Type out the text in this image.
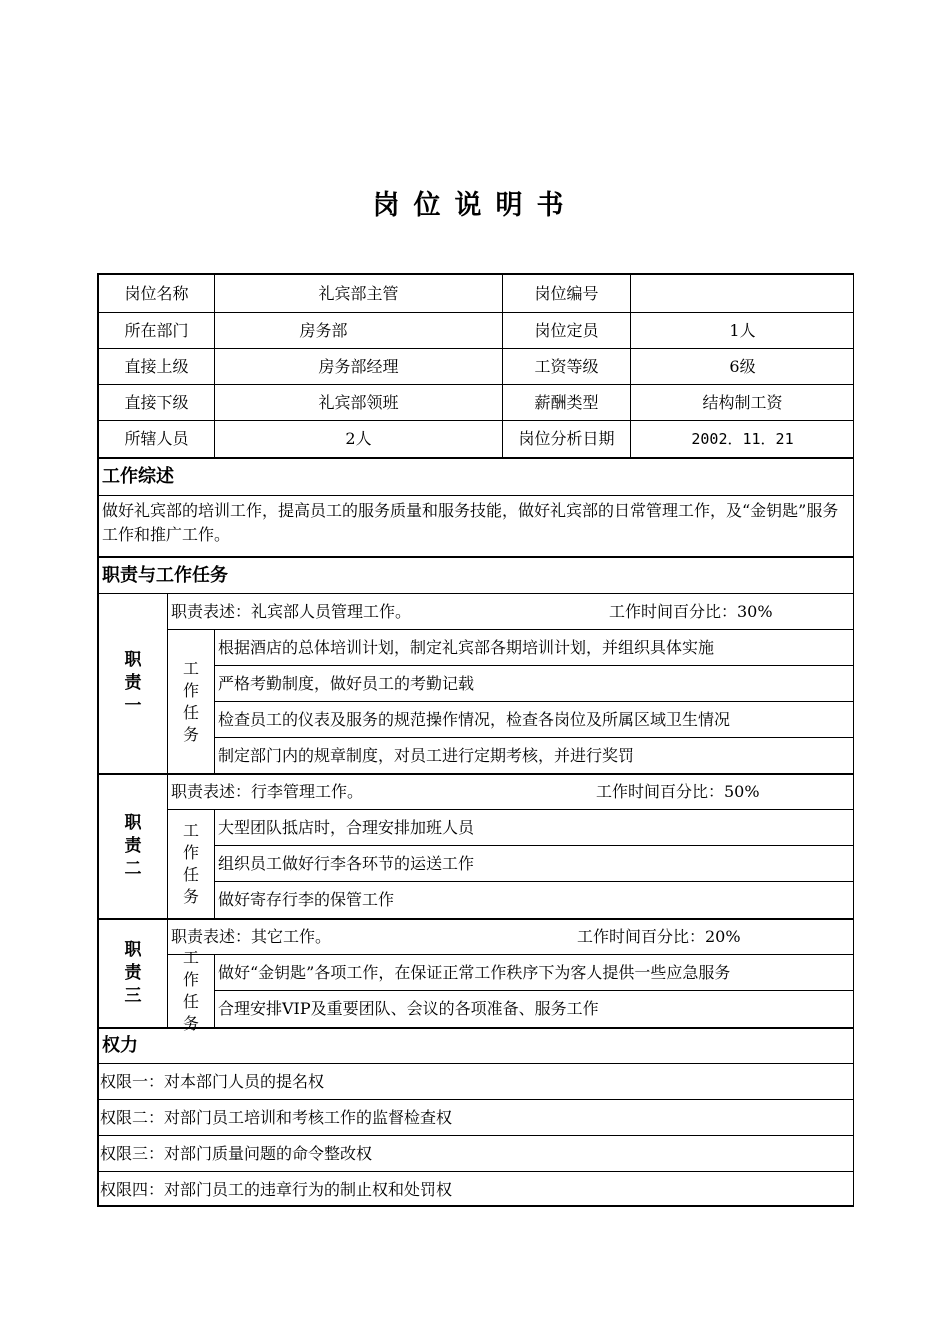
岗位说明书
岗位名称	礼宾部主管	岗位编号
所在部门	房务部	岗位定员	1人
直接上级	房务部经理	工资等级	6级
直接下级	礼宾部领班	薪酬类型	结构制工资
所辖人员	2人	岗位分析日期	2002．11．21
工作综述
做好礼宾部的培训工作，提高员工的服务质量和服务技能，做好礼宾部的日常管理工作，及“金钥匙”服务工作和推广工作。
职责与工作任务
职责一
职责表述：礼宾部人员管理工作。	工作时间百分比：30%
工作任务
根据酒店的总体培训计划，制定礼宾部各期培训计划，并组织具体实施
严格考勤制度，做好员工的考勤记载
检查员工的仪表及服务的规范操作情况，检查各岗位及所属区域卫生情况
制定部门内的规章制度，对员工进行定期考核，并进行奖罚
职责二
职责表述：行李管理工作。	工作时间百分比：50%
工作任务
大型团队抵店时，合理安排加班人员
组织员工做好行李各环节的运送工作
做好寄存行李的保管工作
职责三
职责表述：其它工作。	工作时间百分比：20%
工作任务
做好“金钥匙”各项工作，在保证正常工作秩序下为客人提供一些应急服务
合理安排VIP及重要团队、会议的各项准备、服务工作
权力
权限一：对本部门人员的提名权
权限二：对部门员工培训和考核工作的监督检查权
权限三：对部门质量问题的命令整改权
权限四：对部门员工的违章行为的制止权和处罚权
